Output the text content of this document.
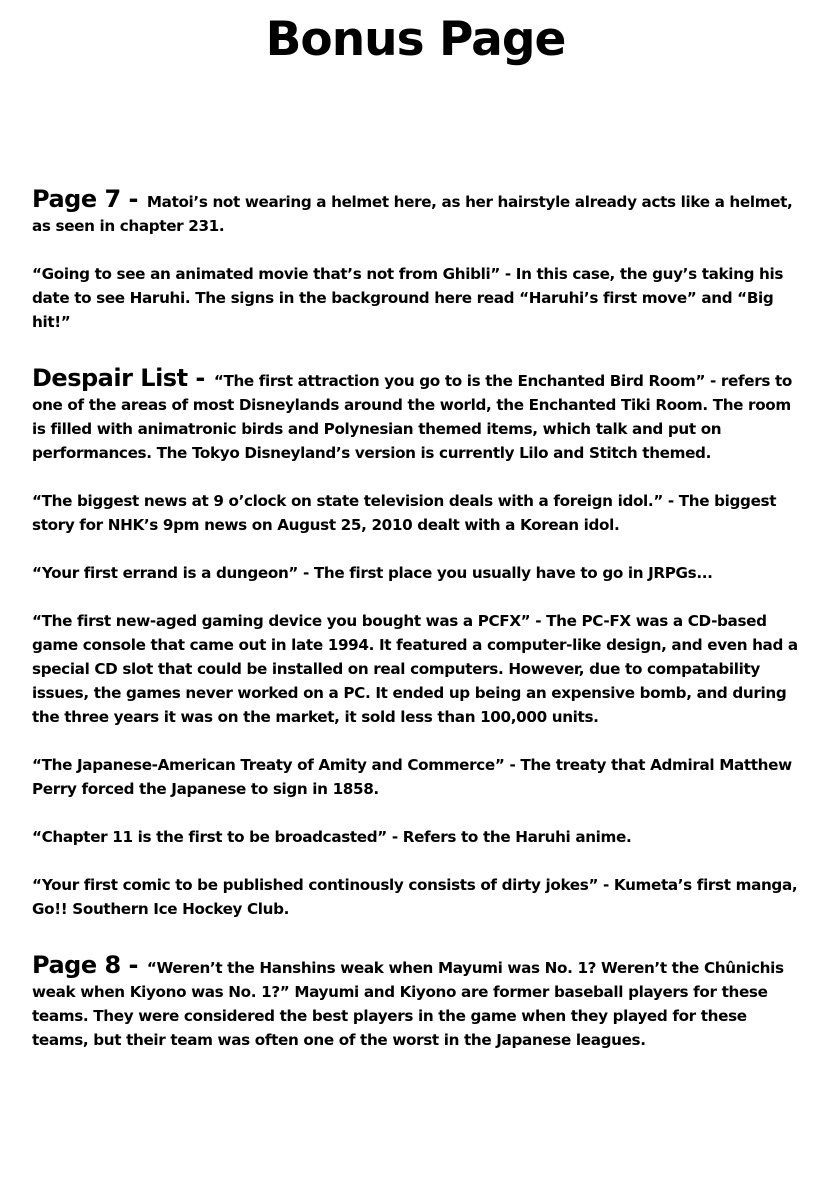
Bonus Page

Page 7 - Matoi’s not wearing a helmet here, as her hairstyle already acts like a helmet, as seen in chapter 231.

“Going to see an animated movie that’s not from Ghibli” - In this case, the guy’s taking his date to see Haruhi. The signs in the background here read “Haruhi’s first move” and “Big hit!”

Despair List - “The first attraction you go to is the Enchanted Bird Room” - refers to one of the areas of most Disneylands around the world, the Enchanted Tiki Room. The room is filled with animatronic birds and Polynesian themed items, which talk and put on performances. The Tokyo Disneyland’s version is currently Lilo and Stitch themed.

“The biggest news at 9 o’clock on state television deals with a foreign idol.” - The biggest story for NHK’s 9pm news on August 25, 2010 dealt with a Korean idol.

“Your first errand is a dungeon” - The first place you usually have to go in JRPGs...

“The first new-aged gaming device you bought was a PCFX” - The PC-FX was a CD-based game console that came out in late 1994. It featured a computer-like design, and even had a special CD slot that could be installed on real computers. However, due to compatability issues, the games never worked on a PC. It ended up being an expensive bomb, and during the three years it was on the market, it sold less than 100,000 units.

“The Japanese-American Treaty of Amity and Commerce” - The treaty that Admiral Matthew Perry forced the Japanese to sign in 1858.

“Chapter 11 is the first to be broadcasted” - Refers to the Haruhi anime.

“Your first comic to be published continously consists of dirty jokes” - Kumeta’s first manga, Go!! Southern Ice Hockey Club.

Page 8 - “Weren’t the Hanshins weak when Mayumi was No. 1? Weren’t the Chûnichis weak when Kiyono was No. 1?” Mayumi and Kiyono are former baseball players for these teams. They were considered the best players in the game when they played for these teams, but their team was often one of the worst in the Japanese leagues.
